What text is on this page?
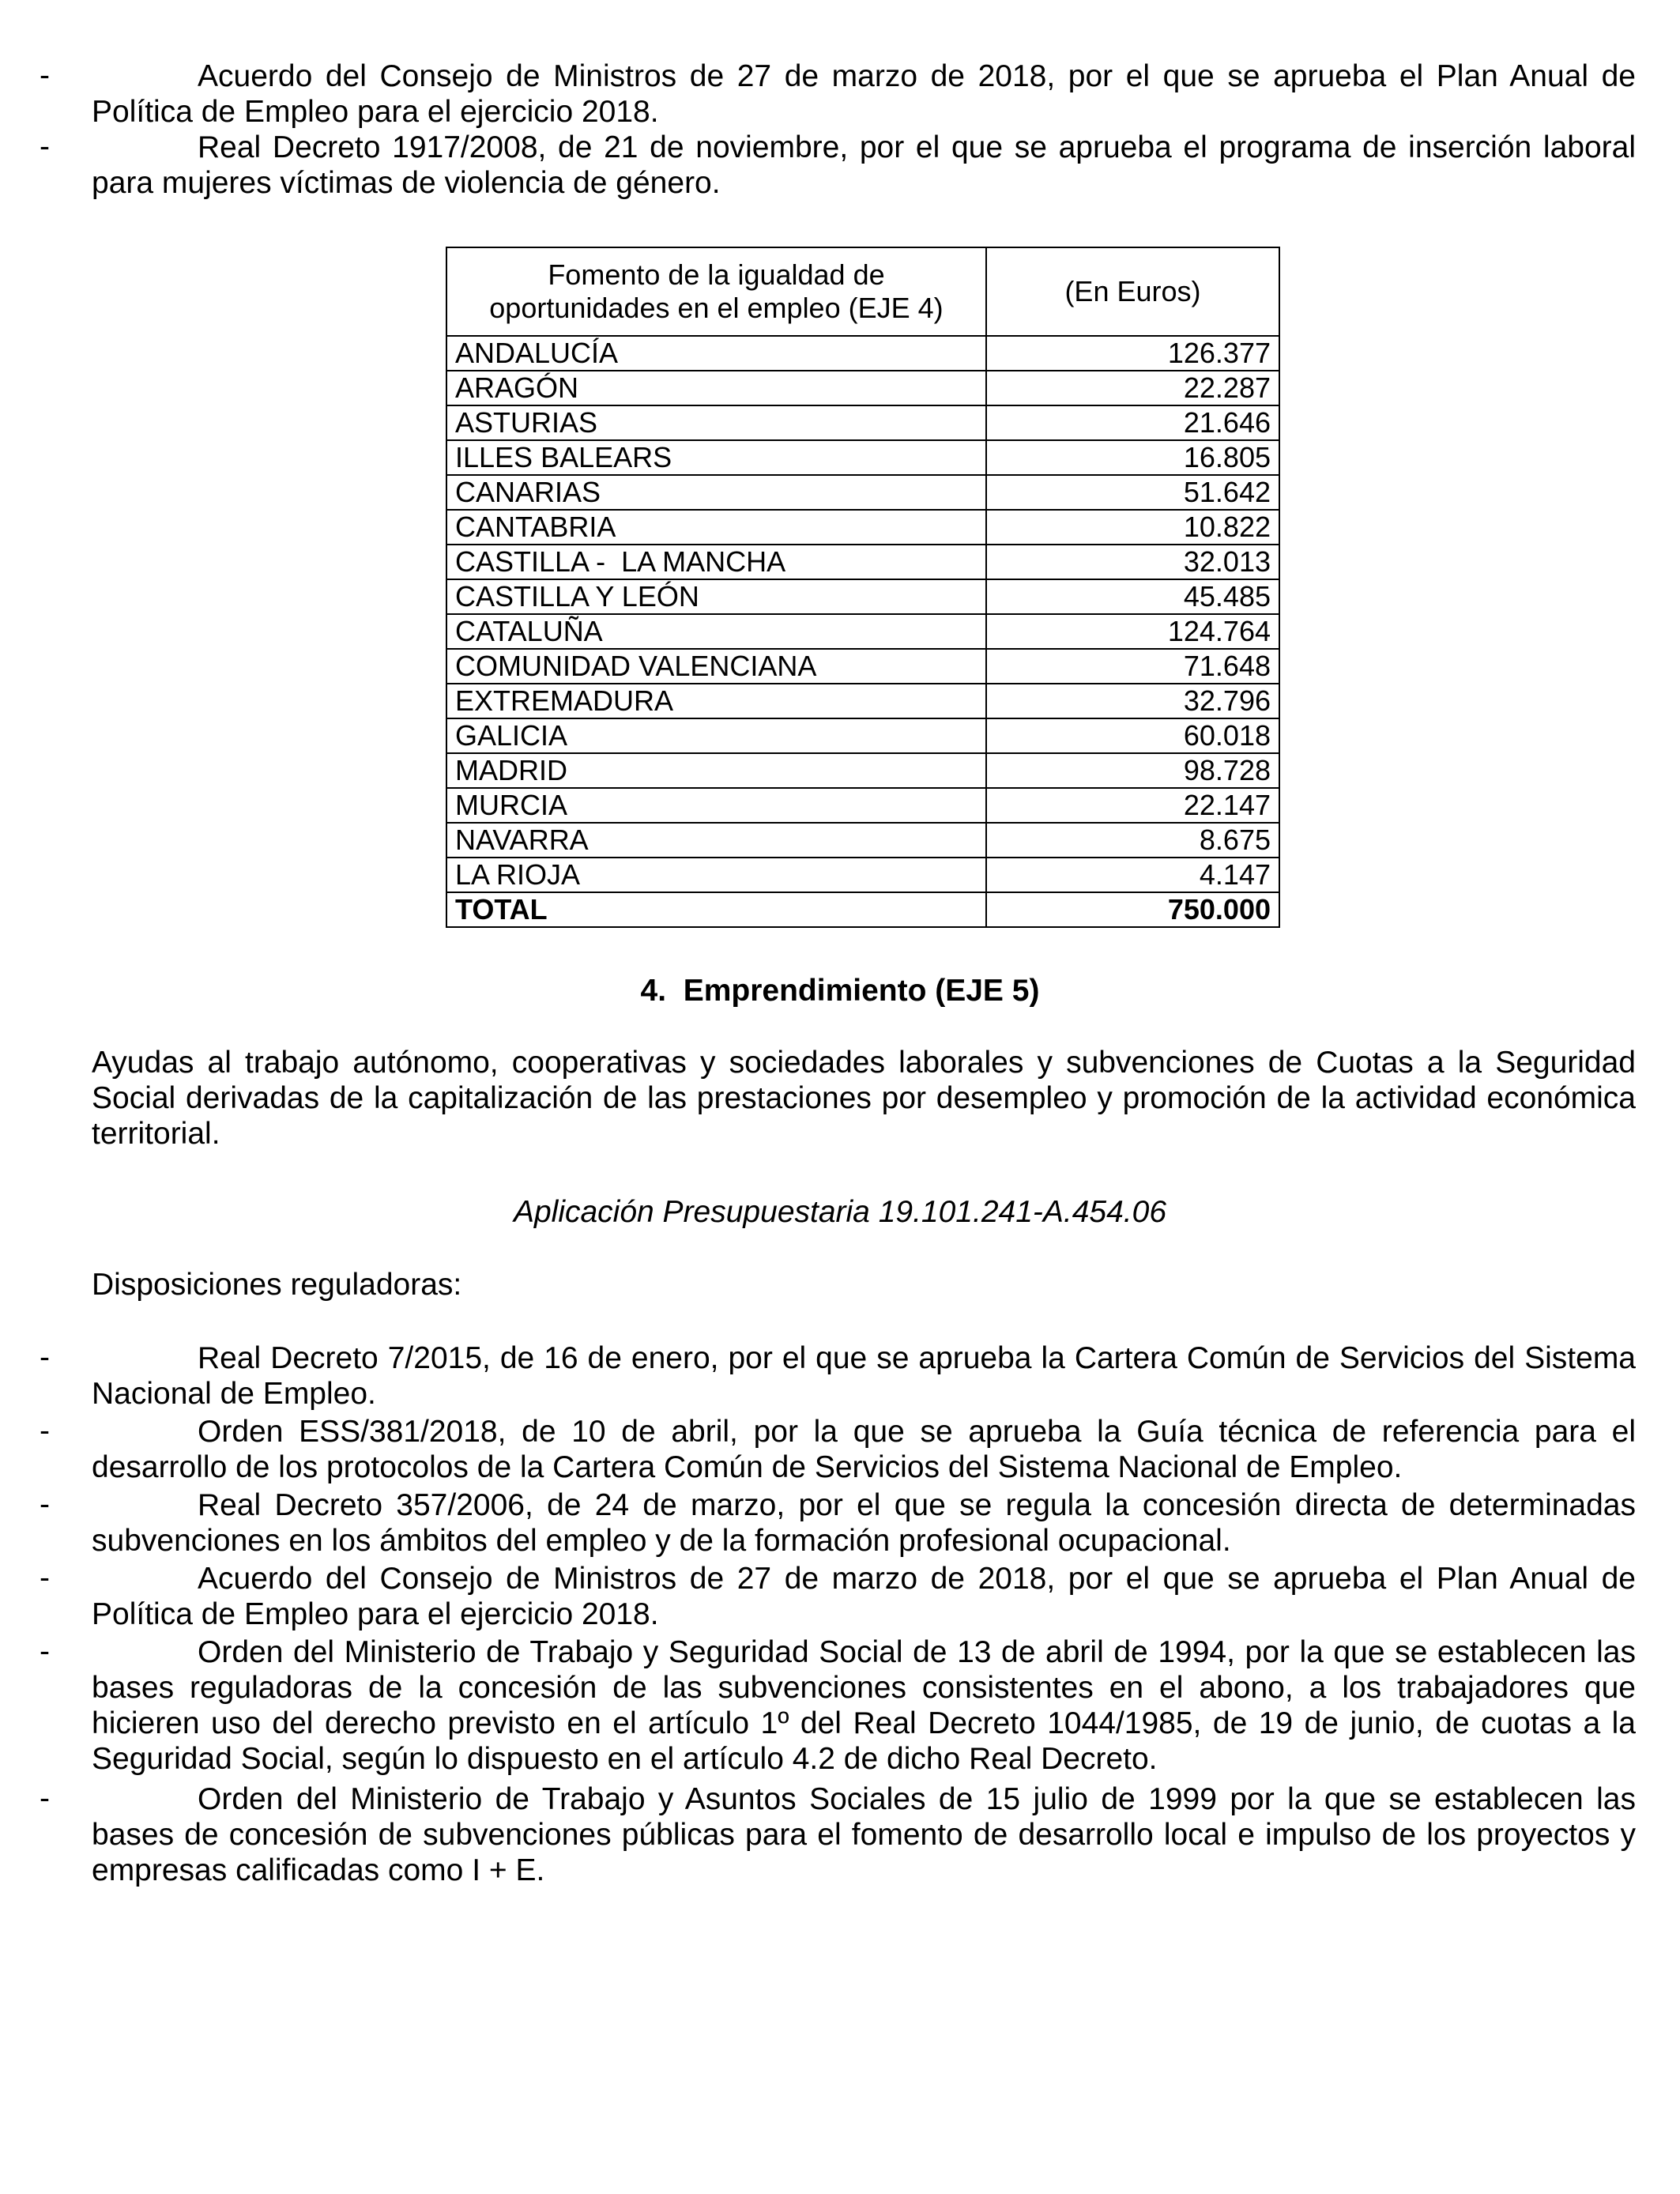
-	Acuerdo del Consejo de Ministros de 27 de marzo de 2018, por el que se aprueba el Plan Anual de Política de Empleo para el ejercicio 2018.
-	Real Decreto 1917/2008, de 21 de noviembre, por el que se aprueba el programa de inserción laboral para mujeres víctimas de violencia de género.
Fomento de la igualdad de oportunidades en el empleo (EJE 4)	(En Euros)
ANDALUCÍA	126.377
ARAGÓN	22.287
ASTURIAS	21.646
ILLES BALEARS	16.805
CANARIAS	51.642
CANTABRIA	10.822
CASTILLA -  LA MANCHA	32.013
CASTILLA Y LEÓN	45.485
CATALUÑA	124.764
COMUNIDAD VALENCIANA	71.648
EXTREMADURA	32.796
GALICIA	60.018
MADRID	98.728
MURCIA	22.147
NAVARRA	8.675
LA RIOJA	4.147
TOTAL	750.000
4.  Emprendimiento (EJE 5)
Ayudas al trabajo autónomo, cooperativas y sociedades laborales y subvenciones de Cuotas a la Seguridad Social derivadas de la capitalización de las prestaciones por desempleo y promoción de la actividad económica territorial.
Aplicación Presupuestaria 19.101.241-A.454.06
Disposiciones reguladoras:
-	Real Decreto 7/2015, de 16 de enero, por el que se aprueba la Cartera Común de Servicios del Sistema Nacional de Empleo.
-	Orden ESS/381/2018, de 10 de abril, por la que se aprueba la Guía técnica de referencia para el desarrollo de los protocolos de la Cartera Común de Servicios del Sistema Nacional de Empleo.
-	Real Decreto 357/2006, de 24 de marzo, por el que se regula la concesión directa de determinadas subvenciones en los ámbitos del empleo y de la formación profesional ocupacional.
-	Acuerdo del Consejo de Ministros de 27 de marzo de 2018, por el que se aprueba el Plan Anual de Política de Empleo para el ejercicio 2018.
-	Orden del Ministerio de Trabajo y Seguridad Social de 13 de abril de 1994, por la que se establecen las bases reguladoras de la concesión de las subvenciones consistentes en el abono, a los trabajadores que hicieren uso del derecho previsto en el artículo 1º del Real Decreto 1044/1985, de 19 de junio, de cuotas a la Seguridad Social, según lo dispuesto en el artículo 4.2 de dicho Real Decreto.
-	Orden del Ministerio de Trabajo y Asuntos Sociales de 15 julio de 1999 por la que se establecen las bases de concesión de subvenciones públicas para el fomento de desarrollo local e impulso de los proyectos y empresas calificadas como I + E.
